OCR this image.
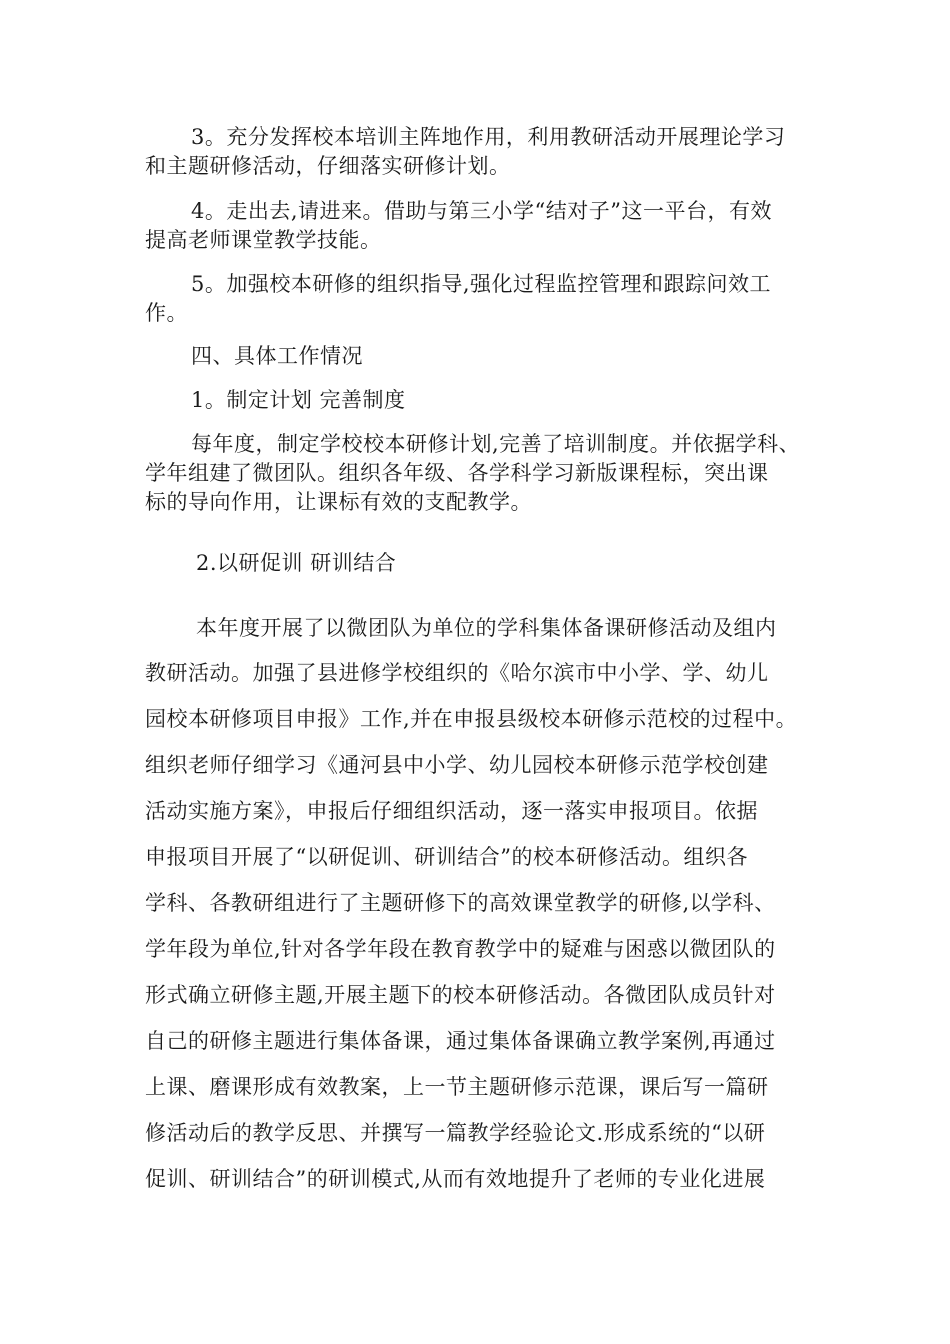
3。充分发挥校本培训主阵地作用，利用教研活动开展理论学习
和主题研修活动，仔细落实研修计划。
4。走出去,请进来。借助与第三小学“结对子”这一平台，有效
提高老师课堂教学技能。
5。加强校本研修的组织指导,强化过程监控管理和跟踪问效工
作。
四、具体工作情况
1。制定计划 完善制度
每年度，制定学校校本研修计划,完善了培训制度。并依据学科、
学年组建了微团队。组织各年级、各学科学习新版课程标，突出课
标的导向作用，让课标有效的支配教学。
2.以研促训 研训结合
本年度开展了以微团队为单位的学科集体备课研修活动及组内
教研活动。加强了县进修学校组织的《哈尔滨市中小学、学、幼儿
园校本研修项目申报》工作,并在申报县级校本研修示范校的过程中。
组织老师仔细学习《通河县中小学、幼儿园校本研修示范学校创建
活动实施方案》，申报后仔细组织活动，逐一落实申报项目。依据
申报项目开展了“以研促训、研训结合”的校本研修活动。组织各
学科、各教研组进行了主题研修下的高效课堂教学的研修,以学科、
学年段为单位,针对各学年段在教育教学中的疑难与困惑以微团队的
形式确立研修主题,开展主题下的校本研修活动。各微团队成员针对
自己的研修主题进行集体备课，通过集体备课确立教学案例,再通过
上课、磨课形成有效教案，上一节主题研修示范课，课后写一篇研
修活动后的教学反思、并撰写一篇教学经验论文.形成系统的“以研
促训、研训结合”的研训模式,从而有效地提升了老师的专业化进展
